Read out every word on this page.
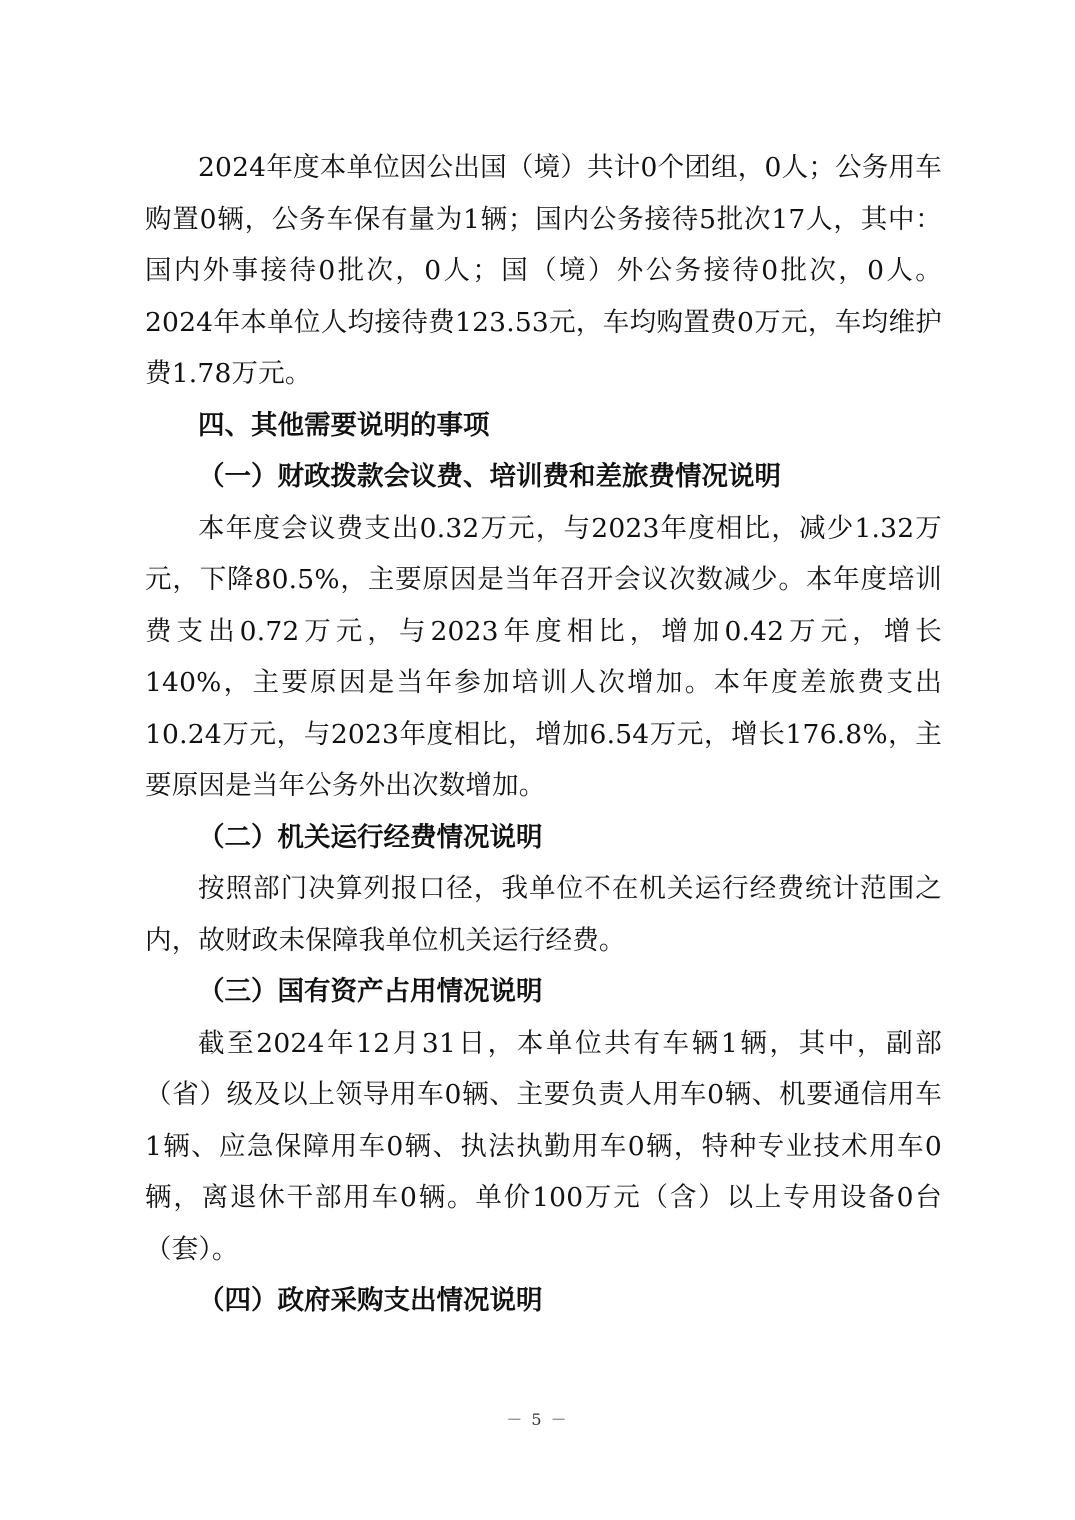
2024年度本单位因公出国（境）共计0个团组，0人；公务用车购置0辆，公务车保有量为1辆；国内公务接待5批次17人，其中：国内外事接待0批次，0人；国（境）外公务接待0批次，0人。2024年本单位人均接待费123.53元，车均购置费0万元，车均维护费1.78万元。

四、其他需要说明的事项

（一）财政拨款会议费、培训费和差旅费情况说明

本年度会议费支出0.32万元，与2023年度相比，减少1.32万元，下降80.5%，主要原因是当年召开会议次数减少。本年度培训费支出0.72万元，与2023年度相比，增加0.42万元，增长140%，主要原因是当年参加培训人次增加。本年度差旅费支出10.24万元，与2023年度相比，增加6.54万元，增长176.8%，主要原因是当年公务外出次数增加。

（二）机关运行经费情况说明

按照部门决算列报口径，我单位不在机关运行经费统计范围之内，故财政未保障我单位机关运行经费。

（三）国有资产占用情况说明

截至2024年12月31日，本单位共有车辆1辆，其中，副部（省）级及以上领导用车0辆、主要负责人用车0辆、机要通信用车1辆、应急保障用车0辆、执法执勤用车0辆，特种专业技术用车0辆，离退休干部用车0辆。单价100万元（含）以上专用设备0台（套）。

（四）政府采购支出情况说明

－ 5 －
